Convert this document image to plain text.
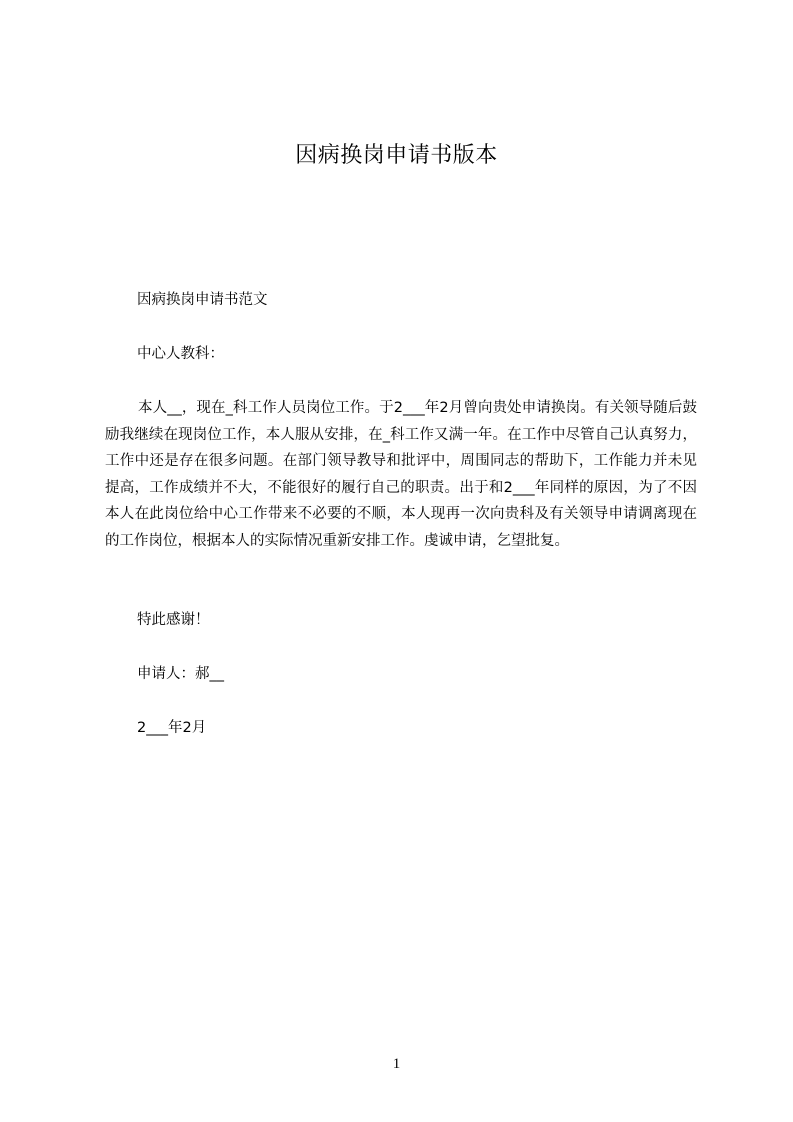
因病换岗申请书版本
因病换岗申请书范文
中心人教科：
本人__，现在_科工作人员岗位工作。于2___年2月曾向贵处申请换岗。有关领导随后鼓励我继续在现岗位工作，本人服从安排，在_科工作又满一年。在工作中尽管自己认真努力，工作中还是存在很多问题。在部门领导教导和批评中，周围同志的帮助下，工作能力并未见提高，工作成绩并不大，不能很好的履行自己的职责。出于和2___年同样的原因，为了不因本人在此岗位给中心工作带来不必要的不顺，本人现再一次向贵科及有关领导申请调离现在的工作岗位，根据本人的实际情况重新安排工作。虔诚申请，乞望批复。
特此感谢！
申请人：郝__
2___年2月
1
